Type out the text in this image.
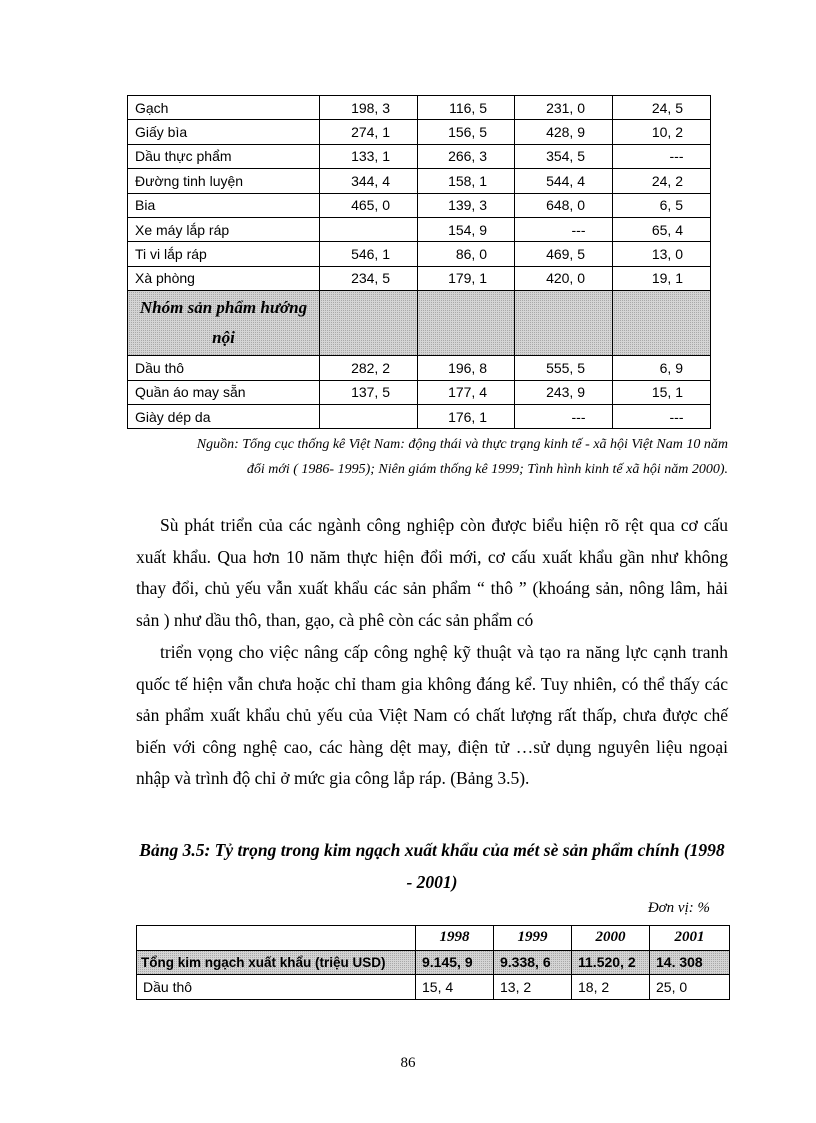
Gạch	198, 3	116, 5	231, 0	24, 5
Giấy bìa	274, 1	156, 5	428, 9	10, 2
Dầu thực phẩm	133, 1	266, 3	354, 5	---
Đường tinh luyện	344, 4	158, 1	544, 4	24, 2
Bia	465, 0	139, 3	648, 0	6, 5
Xe máy lắp ráp		154, 9	---	65, 4
Ti vi lắp ráp	546, 1	86, 0	469, 5	13, 0
Xà phòng	234, 5	179, 1	420, 0	19, 1
Nhóm sản phẩm hướng nội				
Dầu thô	282, 2	196, 8	555, 5	6, 9
Quần áo may sẵn	137, 5	177, 4	243, 9	15, 1
Giày dép da		176, 1	---	---
Nguồn: Tổng cục thống kê Việt Nam: động thái và thực trạng kinh tế - xã hội Việt Nam 10 năm đổi mới ( 1986- 1995); Niên giám thống kê 1999; Tình hình kinh tế xã hội năm 2000).

Sù phát triển của các ngành công nghiệp còn được biểu hiện rõ rệt qua cơ cấu xuất khẩu. Qua hơn 10 năm thực hiện đổi mới, cơ cấu xuất khẩu gần như không thay đổi, chủ yếu vẫn xuất khẩu các sản phẩm “ thô ” (khoáng sản, nông lâm, hải sản ) như dầu thô, than, gạo, cà phê còn các sản phẩm có

triển vọng cho việc nâng cấp công nghệ kỹ thuật và tạo ra năng lực cạnh tranh quốc tế hiện vẫn chưa hoặc chỉ tham gia không đáng kể. Tuy nhiên, có thể thấy các sản phẩm xuất khẩu chủ yếu của Việt Nam có chất lượng rất thấp, chưa được chế biến với công nghệ cao, các hàng dệt may, điện tử …sử dụng nguyên liệu ngoại nhập và trình độ chỉ ở mức gia công lắp ráp. (Bảng 3.5).

Bảng 3.5: Tỷ trọng trong kim ngạch xuất khẩu của mét sè sản phẩm chính (1998 - 2001)

Đơn vị: %
	1998	1999	2000	2001
Tổng kim ngạch xuất khẩu (triệu USD)	9.145, 9	9.338, 6	11.520, 2	14. 308
Dầu thô	15, 4	13, 2	18, 2	25, 0
86
